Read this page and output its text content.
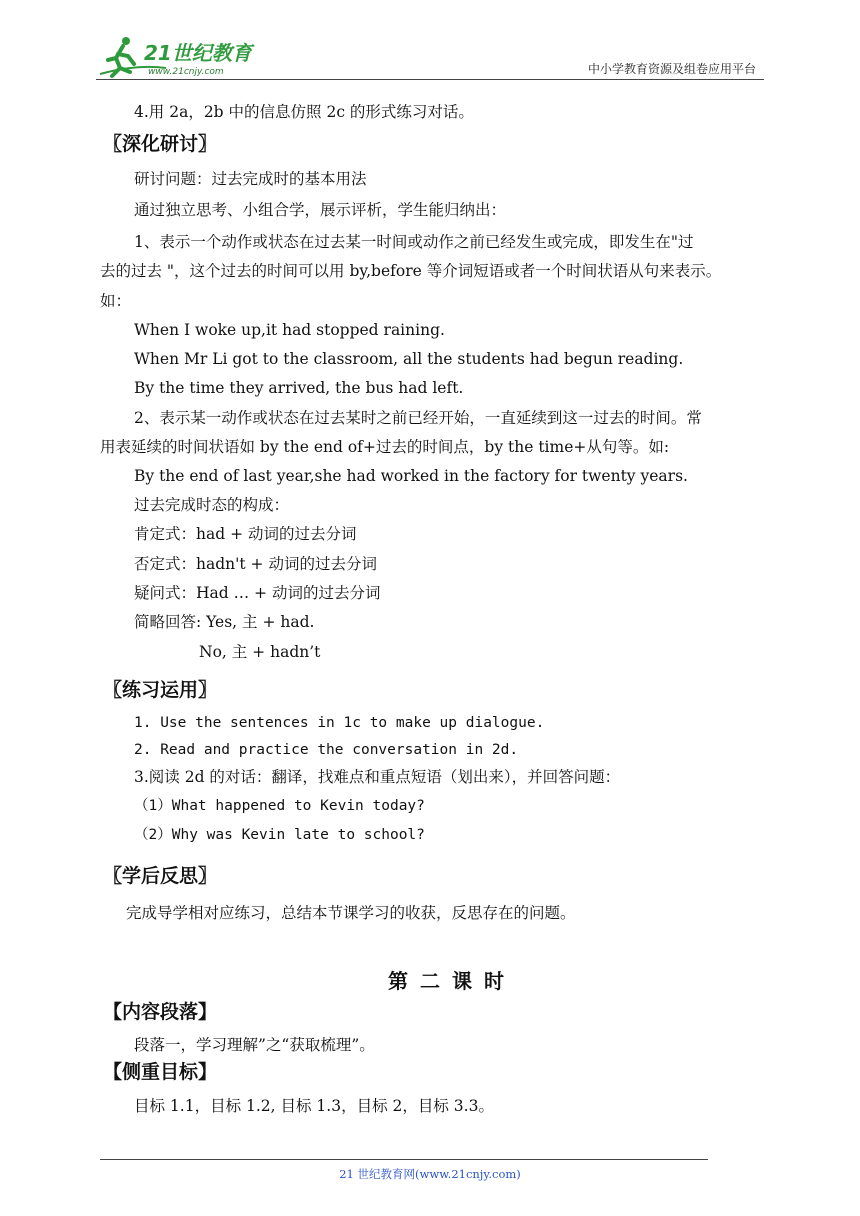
21世纪教育
www.21cnjy.com	中小学教育资源及组卷应用平台
4.用 2a，2b 中的信息仿照 2c 的形式练习对话。
〖深化研讨〗
研讨问题：过去完成时的基本用法
通过独立思考、小组合学，展示评析，学生能归纳出：
1、表示一个动作或状态在过去某一时间或动作之前已经发生或完成，即发生在"过
去的过去 "，这个过去的时间可以用 by,before 等介词短语或者一个时间状语从句来表示。
如：
When I woke up,it had stopped raining.
When Mr Li got to the classroom, all the students had begun reading.
By the time they arrived, the bus had left.
2、表示某一动作或状态在过去某时之前已经开始，一直延续到这一过去的时间。常
用表延续的时间状语如 by the end of+过去的时间点，by the time+从句等。如:
By the end of last year,she had worked in the factory for twenty years.
过去完成时态的构成：
肯定式：had + 动词的过去分词
否定式：hadn't + 动词的过去分词
疑问式：Had … + 动词的过去分词
简略回答: Yes, 主 + had.
No, 主 + hadn’t
〖练习运用〗
1. Use the sentences in 1c to make up dialogue.
2. Read and practice the conversation in 2d.
3.阅读 2d 的对话：翻译，找难点和重点短语（划出来），并回答问题：
（1）What happened to Kevin today?
（2）Why was Kevin late to school?
〖学后反思〗
完成导学相对应练习，总结本节课学习的收获，反思存在的问题。
第二课时
【内容段落】
段落一，学习理解”之“获取梳理”。
【侧重目标】
目标 1.1，目标 1.2, 目标 1.3，目标 2，目标 3.3。
21 世纪教育网(www.21cnjy.com)
